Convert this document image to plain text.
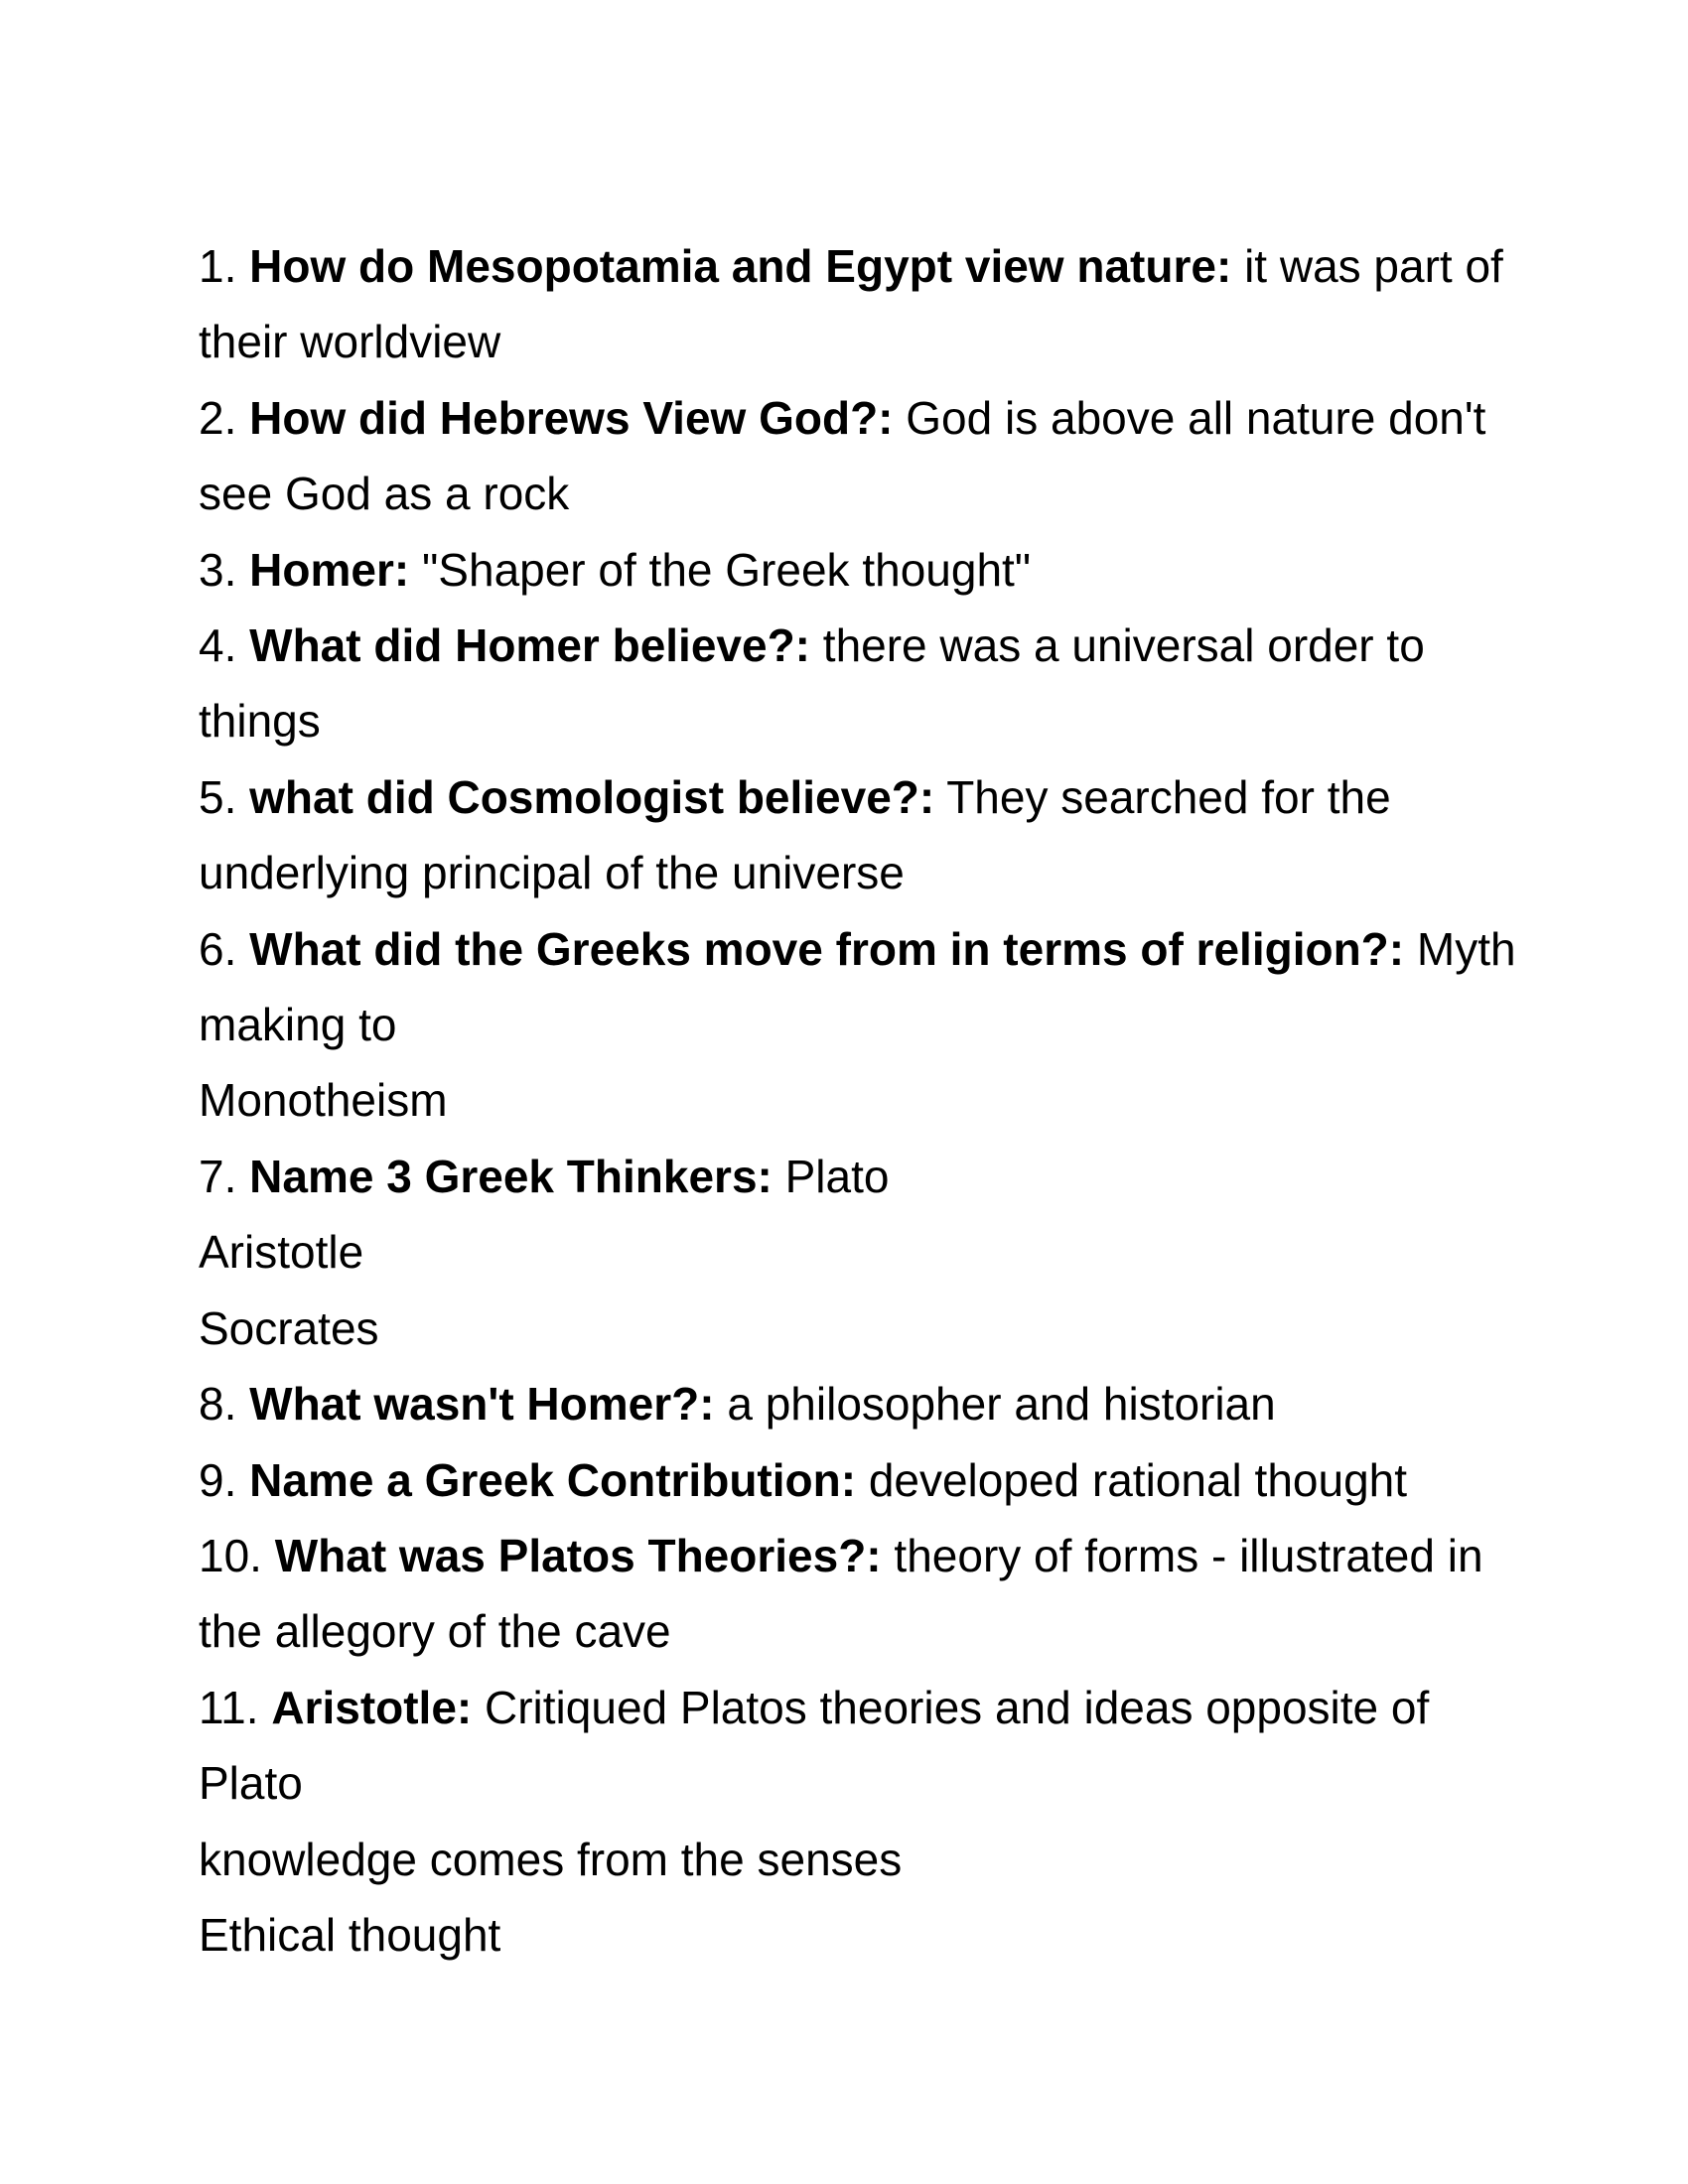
1. How do Mesopotamia and Egypt view nature: it was part of
their worldview
2. How did Hebrews View God?: God is above all nature don't
see God as a rock
3. Homer: "Shaper of the Greek thought"
4. What did Homer believe?: there was a universal order to
things
5. what did Cosmologist believe?: They searched for the
underlying principal of the universe
6. What did the Greeks move from in terms of religion?: Myth
making to
Monotheism
7. Name 3 Greek Thinkers: Plato
Aristotle
Socrates
8. What wasn't Homer?: a philosopher and historian
9. Name a Greek Contribution: developed rational thought
10. What was Platos Theories?: theory of forms - illustrated in
the allegory of the cave
11. Aristotle: Critiqued Platos theories and ideas opposite of
Plato
knowledge comes from the senses
Ethical thought
